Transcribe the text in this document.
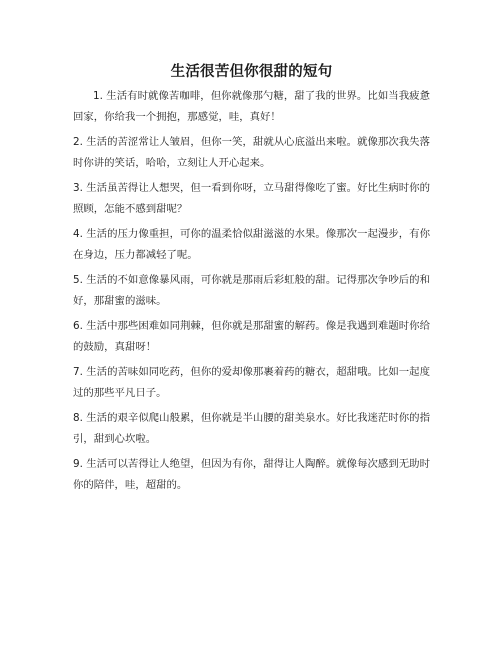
生活很苦但你很甜的短句

1. 生活有时就像苦咖啡，但你就像那勺糖，甜了我的世界。比如当我疲惫回家，你给我一个拥抱，那感觉，哇，真好！

2. 生活的苦涩常让人皱眉，但你一笑，甜就从心底溢出来啦。就像那次我失落时你讲的笑话，哈哈，立刻让人开心起来。

3. 生活虽苦得让人想哭，但一看到你呀，立马甜得像吃了蜜。好比生病时你的照顾，怎能不感到甜呢？

4. 生活的压力像重担，可你的温柔恰似甜滋滋的水果。像那次一起漫步，有你在身边，压力都减轻了呢。

5. 生活的不如意像暴风雨，可你就是那雨后彩虹般的甜。记得那次争吵后的和好，那甜蜜的滋味。

6. 生活中那些困难如同荆棘，但你就是那甜蜜的解药。像是我遇到难题时你给的鼓励，真甜呀！

7. 生活的苦味如同吃药，但你的爱却像那裹着药的糖衣，超甜哦。比如一起度过的那些平凡日子。

8. 生活的艰辛似爬山般累，但你就是半山腰的甜美泉水。好比我迷茫时你的指引，甜到心坎啦。

9. 生活可以苦得让人绝望，但因为有你，甜得让人陶醉。就像每次感到无助时你的陪伴，哇，超甜的。
